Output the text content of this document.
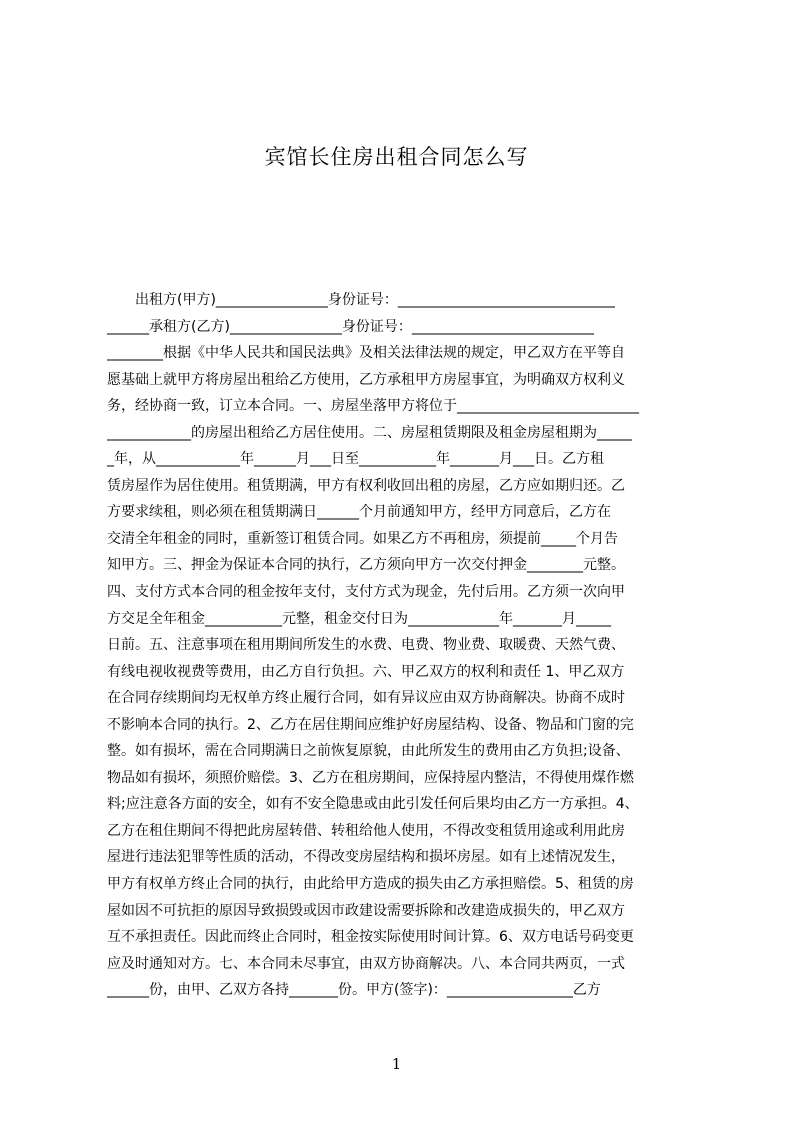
宾馆长住房出租合同怎么写
　　出租方(甲方)________________身份证号：_______________________________
______承租方(乙方)________________身份证号：__________________________
________根据《中华人民共和国民法典》及相关法律法规的规定，甲乙双方在平等自
愿基础上就甲方将房屋出租给乙方使用，乙方承租甲方房屋事宜，为明确双方权利义
务，经协商一致，订立本合同。一、房屋坐落甲方将位于__________________________
____________的房屋出租给乙方居住使用。二、房屋租赁期限及租金房屋租期为_____
_年，从____________年______月___日至___________年_______月___日。乙方租
赁房屋作为居住使用。租赁期满，甲方有权利收回出租的房屋，乙方应如期归还。乙
方要求续租，则必须在租赁期满日______个月前通知甲方，经甲方同意后，乙方在
交清全年租金的同时，重新签订租赁合同。如果乙方不再租房，须提前_____个月告
知甲方。三、押金为保证本合同的执行，乙方须向甲方一次交付押金________元整。
四、支付方式本合同的租金按年支付，支付方式为现金，先付后用。乙方须一次向甲
方交足全年租金___________元整，租金交付日为_____________年_______月_____
日前。五、注意事项在租用期间所发生的水费、电费、物业费、取暖费、天然气费、
有线电视收视费等费用，由乙方自行负担。六、甲乙双方的权利和责任 1、甲乙双方
在合同存续期间均无权单方终止履行合同，如有异议应由双方协商解决。协商不成时
不影响本合同的执行。2、乙方在居住期间应维护好房屋结构、设备、物品和门窗的完
整。如有损坏，需在合同期满日之前恢复原貌，由此所发生的费用由乙方负担;设备、
物品如有损坏，须照价赔偿。3、乙方在租房期间，应保持屋内整洁，不得使用煤作燃
料;应注意各方面的安全，如有不安全隐患或由此引发任何后果均由乙方一方承担。4、
乙方在租住期间不得把此房屋转借、转租给他人使用，不得改变租赁用途或利用此房
屋进行违法犯罪等性质的活动，不得改变房屋结构和损坏房屋。如有上述情况发生，
甲方有权单方终止合同的执行，由此给甲方造成的损失由乙方承担赔偿。5、租赁的房
屋如因不可抗拒的原因导致损毁或因市政建设需要拆除和改建造成损失的，甲乙双方
互不承担责任。因此而终止合同时，租金按实际使用时间计算。6、双方电话号码变更
应及时通知对方。七、本合同未尽事宜，由双方协商解决。八、本合同共两页，一式
______份，由甲、乙双方各持_______份。甲方(签字)：__________________乙方
1
